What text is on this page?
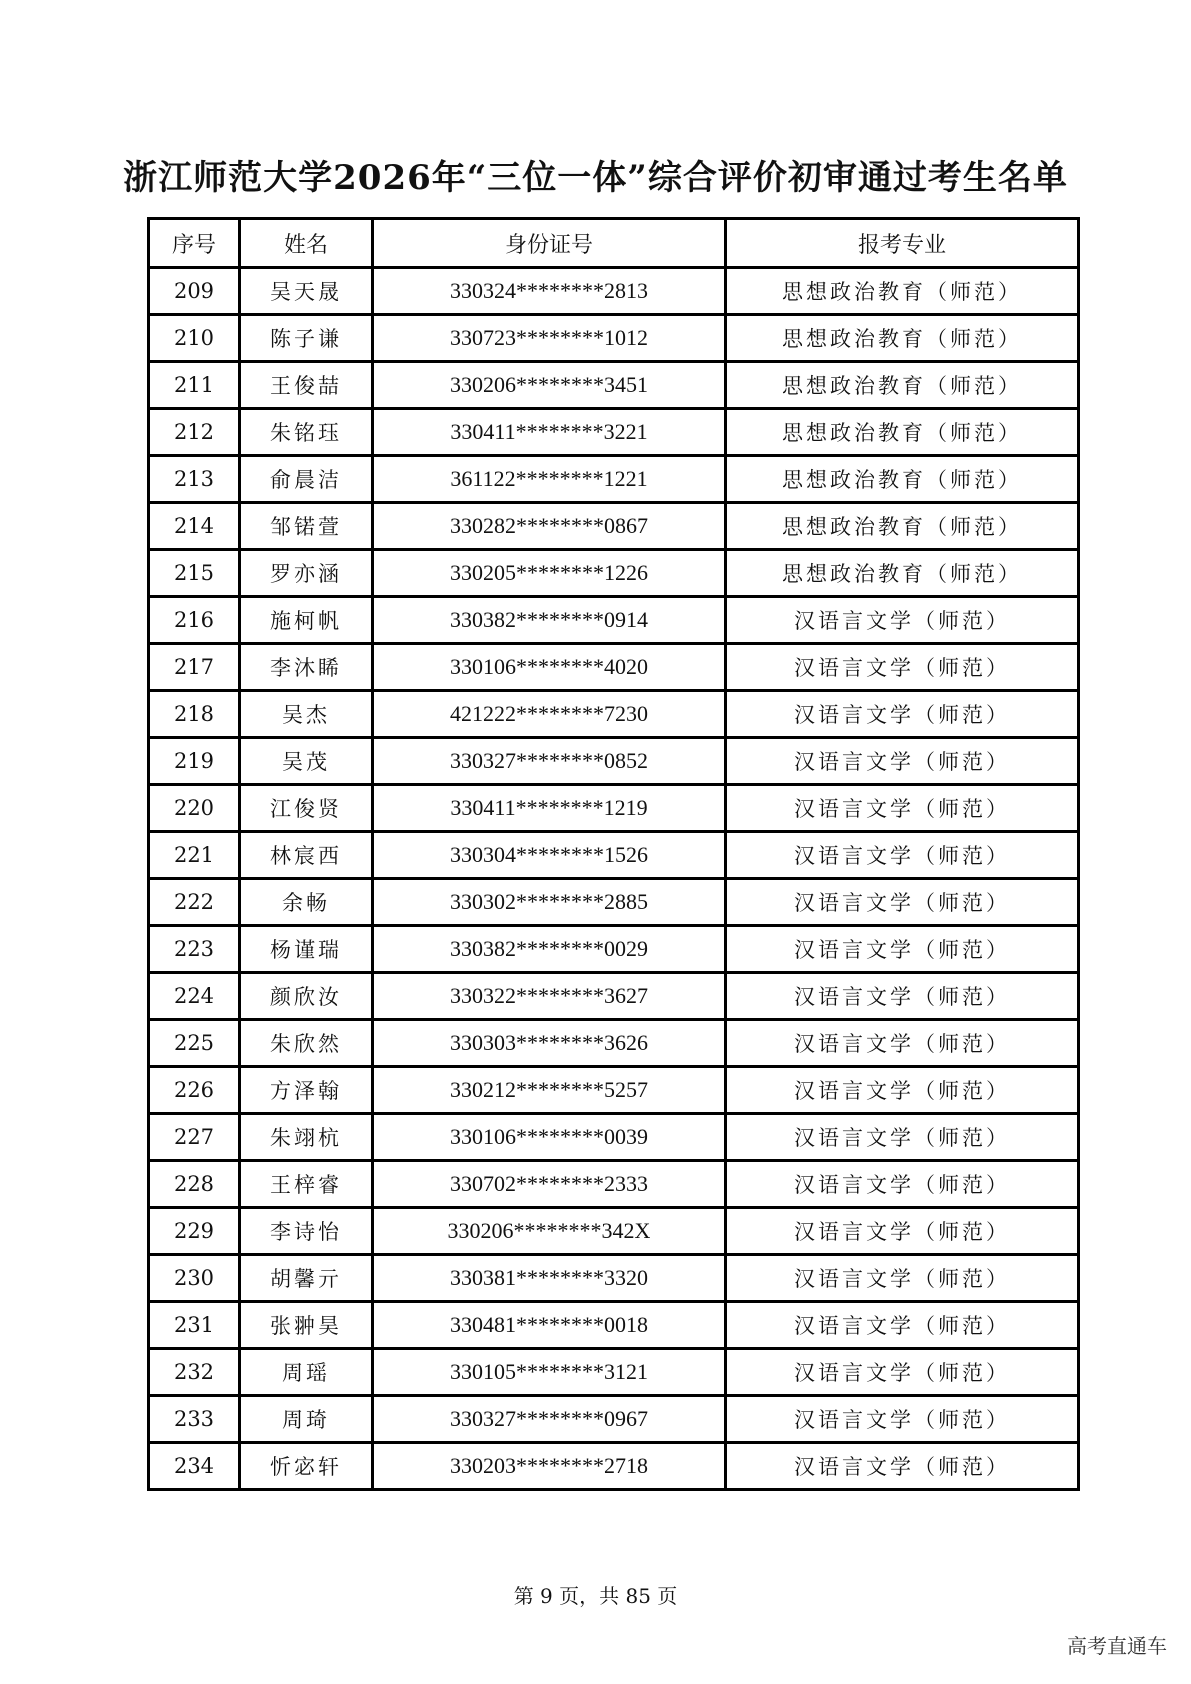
浙江师范大学2026年“三位一体”综合评价初审通过考生名单
序号	姓名	身份证号	报考专业
209	吴天晟	330324********2813	思想政治教育（师范）
210	陈子谦	330723********1012	思想政治教育（师范）
211	王俊喆	330206********3451	思想政治教育（师范）
212	朱铭珏	330411********3221	思想政治教育（师范）
213	俞晨洁	361122********1221	思想政治教育（师范）
214	邹锘萱	330282********0867	思想政治教育（师范）
215	罗亦涵	330205********1226	思想政治教育（师范）
216	施柯帆	330382********0914	汉语言文学（师范）
217	李沐睎	330106********4020	汉语言文学（师范）
218	吴杰	421222********7230	汉语言文学（师范）
219	吴茂	330327********0852	汉语言文学（师范）
220	江俊贤	330411********1219	汉语言文学（师范）
221	林宸西	330304********1526	汉语言文学（师范）
222	余畅	330302********2885	汉语言文学（师范）
223	杨谨瑞	330382********0029	汉语言文学（师范）
224	颜欣汝	330322********3627	汉语言文学（师范）
225	朱欣然	330303********3626	汉语言文学（师范）
226	方泽翰	330212********5257	汉语言文学（师范）
227	朱翊杭	330106********0039	汉语言文学（师范）
228	王梓睿	330702********2333	汉语言文学（师范）
229	李诗怡	330206********342X	汉语言文学（师范）
230	胡馨亓	330381********3320	汉语言文学（师范）
231	张翀昊	330481********0018	汉语言文学（师范）
232	周瑶	330105********3121	汉语言文学（师范）
233	周琦	330327********0967	汉语言文学（师范）
234	忻宓轩	330203********2718	汉语言文学（师范）
第 9 页，共 85 页
高考直通车
